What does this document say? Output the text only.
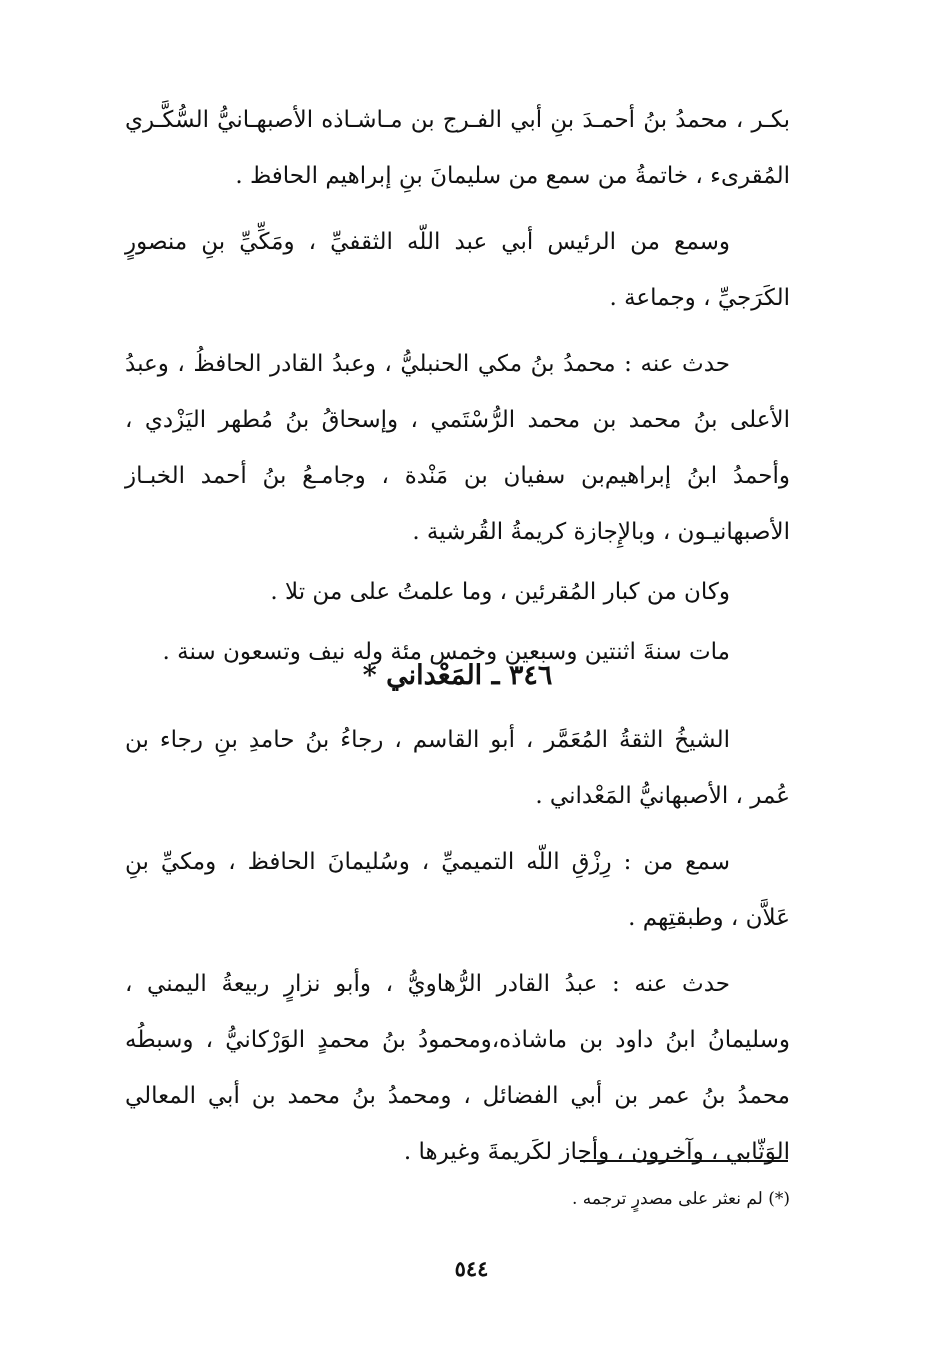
بكـر ، محمدُ بنُ أحمـدَ بنِ أبي الفـرج بن مـاشـاذه الأصبهـانيُّ السُّكَّـري المُقرىء ، خاتمةُ من سمع من سليمانَ بنِ إبراهيم الحافظ .

وسمع من الرئيس أبي عبد اللّه الثقفيِّ ، ومَكِّيِّ بنِ منصورٍ الكَرَجيِّ ، وجماعة .

حدث عنه : محمدُ بنُ مكي الحنبليُّ ، وعبدُ القادر الحافظُ ، وعبدُ الأعلى بنُ محمد بن محمد الرُّسْتَمي ، وإسحاقُ بنُ مُطهر اليَزْدي ، وأحمدُ ابنُ إبراهيم‌بن سفيان بن مَنْدة ، وجامـعُ بنُ أحمد الخبـاز الأصبهانيـون ، وبالإِجازة كريمةُ القُرشية .

وكان من كبار المُقرئين ، وما علمتُ على من تلا .

مات سنةَ اثنتين وسبعين وخمس مئة وله نيف وتسعون سنة .

٣٤٦ ـ المَعْداني *

الشيخُ الثقةُ المُعَمَّر ، أبو القاسم ، رجاءُ بنُ حامدِ بنِ رجاء بن عُمر ، الأصبهانيُّ المَعْداني .

سمع من : رِزْقِ اللّه التميميِّ ، وسُليمانَ الحافظ ، ومكيِّ بنِ عَلاَّن ، وطبقتِهم .

حدث عنه : عبدُ القادر الرُّهاويُّ ، وأبو نزارٍ ربيعةُ اليمني ، وسليمانُ ابنُ داود بن ماشاذه،ومحمودُ بنُ محمدٍ الوَرْكانيُّ ، وسبطُه محمدُ بنُ عمر بن أبي الفضائل ، ومحمدُ بنُ محمد بن أبي المعالي الوَثّابي ، وآخرون ، وأجاز لكَريمةَ وغيرها .

(*) لم نعثر على مصدرٍ ترجمه .
٥٤٤
